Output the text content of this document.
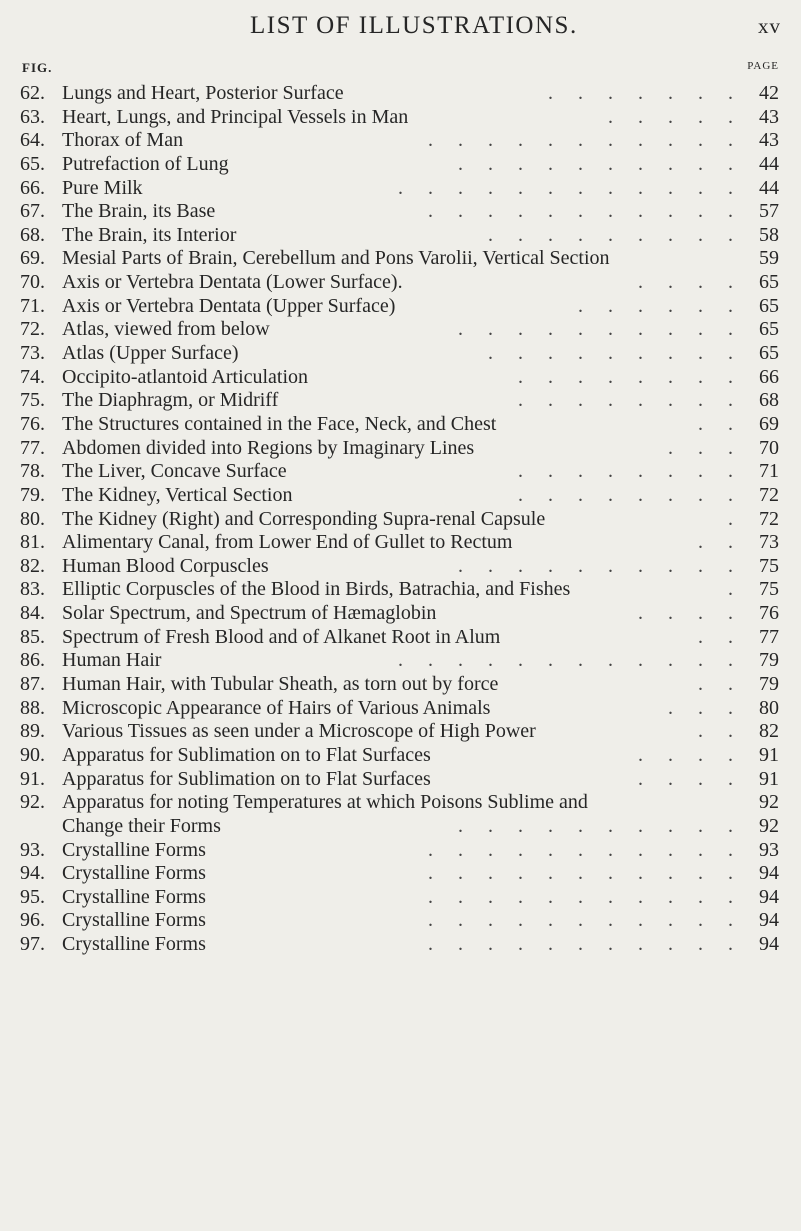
LIST OF ILLUSTRATIONS.	xv
FIG.	PAGE
62. Lungs and Heart, Posterior Surface	. . . . . . . 42
63. Heart, Lungs, and Principal Vessels in Man	. . . . . 43
64. Thorax of Man	. . . . . . . . . . . 43
65. Putrefaction of Lung	. . . . . . . . . . 44
66. Pure Milk	. . . . . . . . . . . . 44
67. The Brain, its Base	. . . . . . . . . . . 57
68. The Brain, its Interior	. . . . . . . . . 58
69. Mesial Parts of Brain, Cerebellum and Pons Varolii, Vertical Section	59
70. Axis or Vertebra Dentata (Lower Surface).	. . . . 65
71. Axis or Vertebra Dentata (Upper Surface)	. . . . . . 65
72. Atlas, viewed from below	. . . . . . . . . . 65
73. Atlas (Upper Surface)	. . . . . . . . . 65
74. Occipito-atlantoid Articulation	. . . . . . . . 66
75. The Diaphragm, or Midriff	. . . . . . . . 68
76. The Structures contained in the Face, Neck, and Chest	. . 69
77. Abdomen divided into Regions by Imaginary Lines	. . . 70
78. The Liver, Concave Surface	. . . . . . . . 71
79. The Kidney, Vertical Section	. . . . . . . . 72
80. The Kidney (Right) and Corresponding Supra-renal Capsule	. 72
81. Alimentary Canal, from Lower End of Gullet to Rectum	. . 73
82. Human Blood Corpuscles	. . . . . . . . . . 75
83. Elliptic Corpuscles of the Blood in Birds, Batrachia, and Fishes	. 75
84. Solar Spectrum, and Spectrum of Hæmaglobin	. . . . 76
85. Spectrum of Fresh Blood and of Alkanet Root in Alum	. . 77
86. Human Hair	. . . . . . . . . . . . 79
87. Human Hair, with Tubular Sheath, as torn out by force	. . 79
88. Microscopic Appearance of Hairs of Various Animals	. . . 80
89. Various Tissues as seen under a Microscope of High Power	. . 82
90. Apparatus for Sublimation on to Flat Surfaces	. . . . 91
91. Apparatus for Sublimation on to Flat Surfaces	. . . . 91
92. Apparatus for noting Temperatures at which Poisons Sublime and	92
Change their Forms	. . . . . . . . . . 92
93. Crystalline Forms	. . . . . . . . . . . 93
94. Crystalline Forms	. . . . . . . . . . . 94
95. Crystalline Forms	. . . . . . . . . . . 94
96. Crystalline Forms	. . . . . . . . . . . 94
97. Crystalline Forms	. . . . . . . . . . . 94
